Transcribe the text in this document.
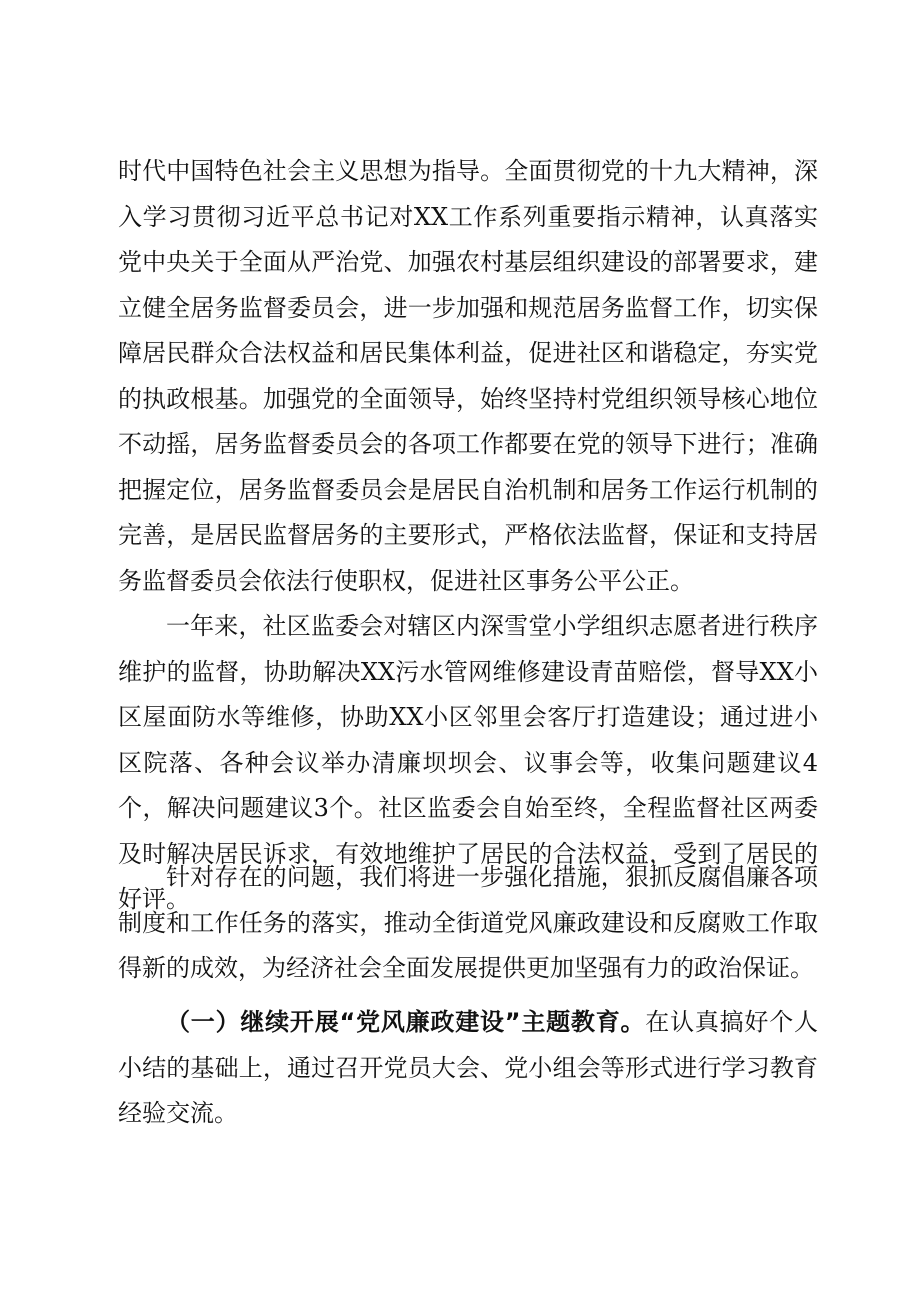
时代中国特色社会主义思想为指导。全面贯彻党的十九大精神，深入学习贯彻习近平总书记对XX工作系列重要指示精神，认真落实党中央关于全面从严治党、加强农村基层组织建设的部署要求，建立健全居务监督委员会，进一步加强和规范居务监督工作，切实保障居民群众合法权益和居民集体利益，促进社区和谐稳定，夯实党的执政根基。加强党的全面领导，始终坚持村党组织领导核心地位不动摇，居务监督委员会的各项工作都要在党的领导下进行；准确把握定位，居务监督委员会是居民自治机制和居务工作运行机制的完善，是居民监督居务的主要形式，严格依法监督，保证和支持居务监督委员会依法行使职权，促进社区事务公平公正。

一年来，社区监委会对辖区内深雪堂小学组织志愿者进行秩序维护的监督，协助解决XX污水管网维修建设青苗赔偿，督导XX小区屋面防水等维修，协助XX小区邻里会客厅打造建设；通过进小区院落、各种会议举办清廉坝坝会、议事会等，收集问题建议4个，解决问题建议3个。社区监委会自始至终，全程监督社区两委及时解决居民诉求，有效地维护了居民的合法权益，受到了居民的好评。

针对存在的问题，我们将进一步强化措施，狠抓反腐倡廉各项制度和工作任务的落实，推动全街道党风廉政建设和反腐败工作取得新的成效，为经济社会全面发展提供更加坚强有力的政治保证。

（一）继续开展“党风廉政建设”主题教育。在认真搞好个人小结的基础上，通过召开党员大会、党小组会等形式进行学习教育经验交流。
